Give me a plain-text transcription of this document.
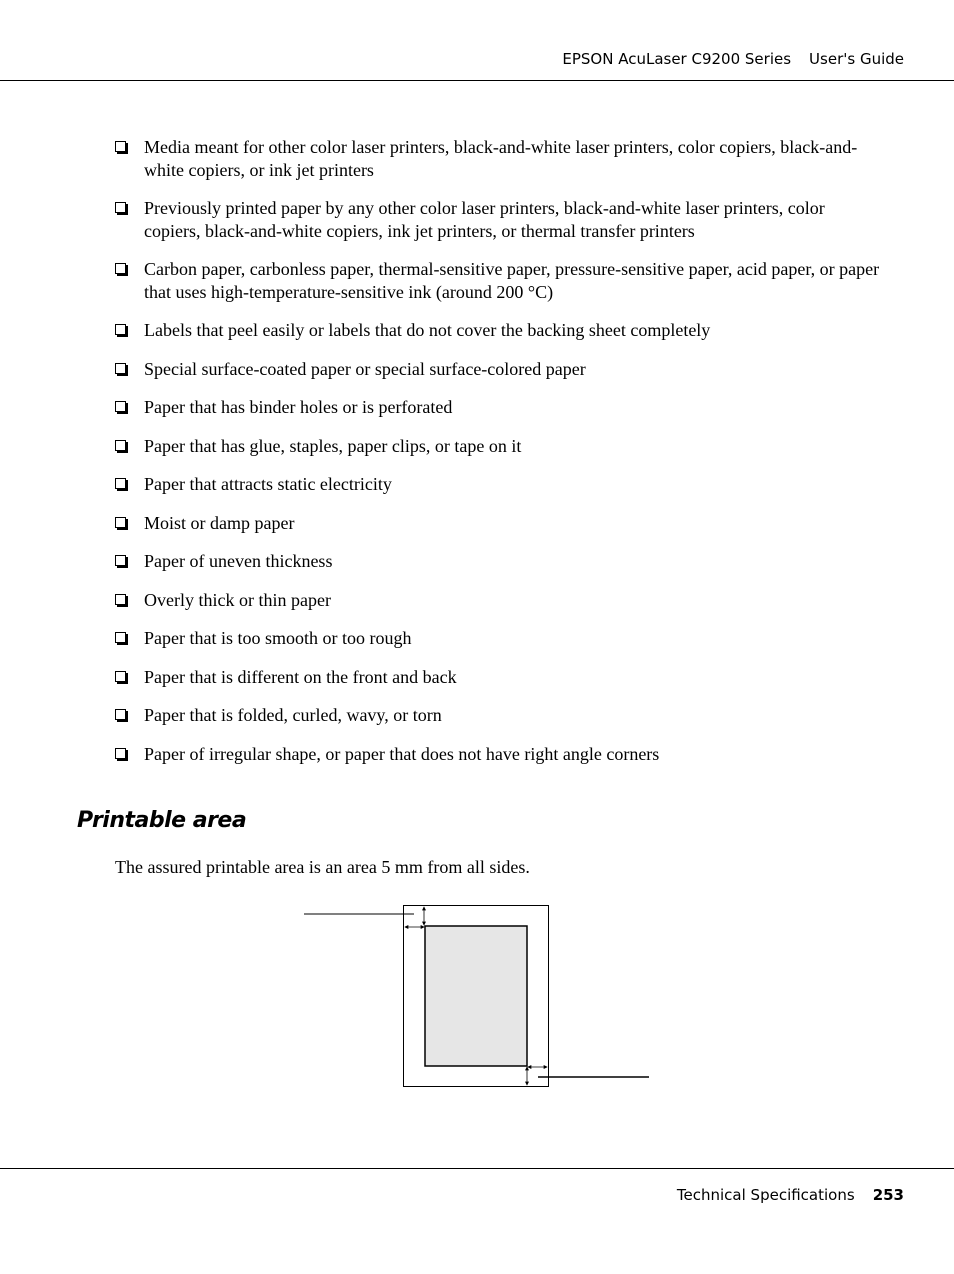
EPSON AcuLaser C9200 Series User's Guide
Media meant for other color laser printers, black-and-white laser printers, color copiers, black-and-white copiers, or ink jet printers
Previously printed paper by any other color laser printers, black-and-white laser printers, color copiers, black-and-white copiers, ink jet printers, or thermal transfer printers
Carbon paper, carbonless paper, thermal-sensitive paper, pressure-sensitive paper, acid paper, or paper that uses high-temperature-sensitive ink (around 200 °C)
Labels that peel easily or labels that do not cover the backing sheet completely
Special surface-coated paper or special surface-colored paper
Paper that has binder holes or is perforated
Paper that has glue, staples, paper clips, or tape on it
Paper that attracts static electricity
Moist or damp paper
Paper of uneven thickness
Overly thick or thin paper
Paper that is too smooth or too rough
Paper that is different on the front and back
Paper that is folded, curled, wavy, or torn
Paper of irregular shape, or paper that does not have right angle corners
Printable area
The assured printable area is an area 5 mm from all sides.
Technical Specifications 253
